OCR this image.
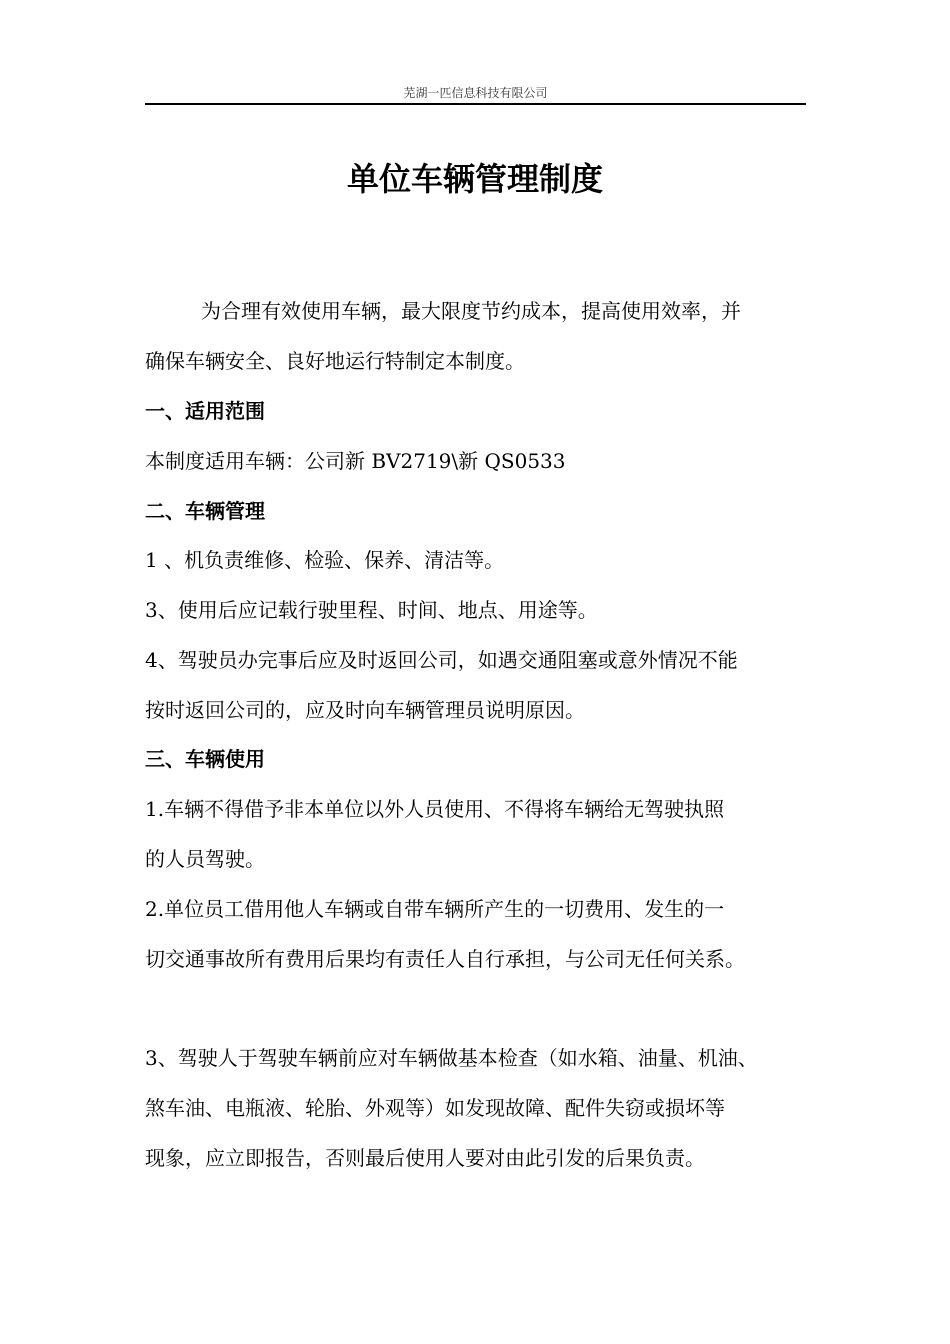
芜湖一匹信息科技有限公司
单位车辆管理制度
为合理有效使用车辆，最大限度节约成本，提高使用效率，并
确保车辆安全、良好地运行特制定本制度。
一、适用范围
本制度适用车辆：公司新 BV2719\新 QS0533
二、车辆管理
1 、机负责维修、检验、保养、清洁等。
3、使用后应记载行驶里程、时间、地点、用途等。
4、驾驶员办完事后应及时返回公司，如遇交通阻塞或意外情况不能
按时返回公司的，应及时向车辆管理员说明原因。
三、车辆使用
1.车辆不得借予非本单位以外人员使用、不得将车辆给无驾驶执照
的人员驾驶。
2.单位员工借用他人车辆或自带车辆所产生的一切费用、发生的一
切交通事故所有费用后果均有责任人自行承担，与公司无任何关系。
3、驾驶人于驾驶车辆前应对车辆做基本检查（如水箱、油量、机油、
煞车油、电瓶液、轮胎、外观等）如发现故障、配件失窃或损坏等
现象，应立即报告，否则最后使用人要对由此引发的后果负责。
